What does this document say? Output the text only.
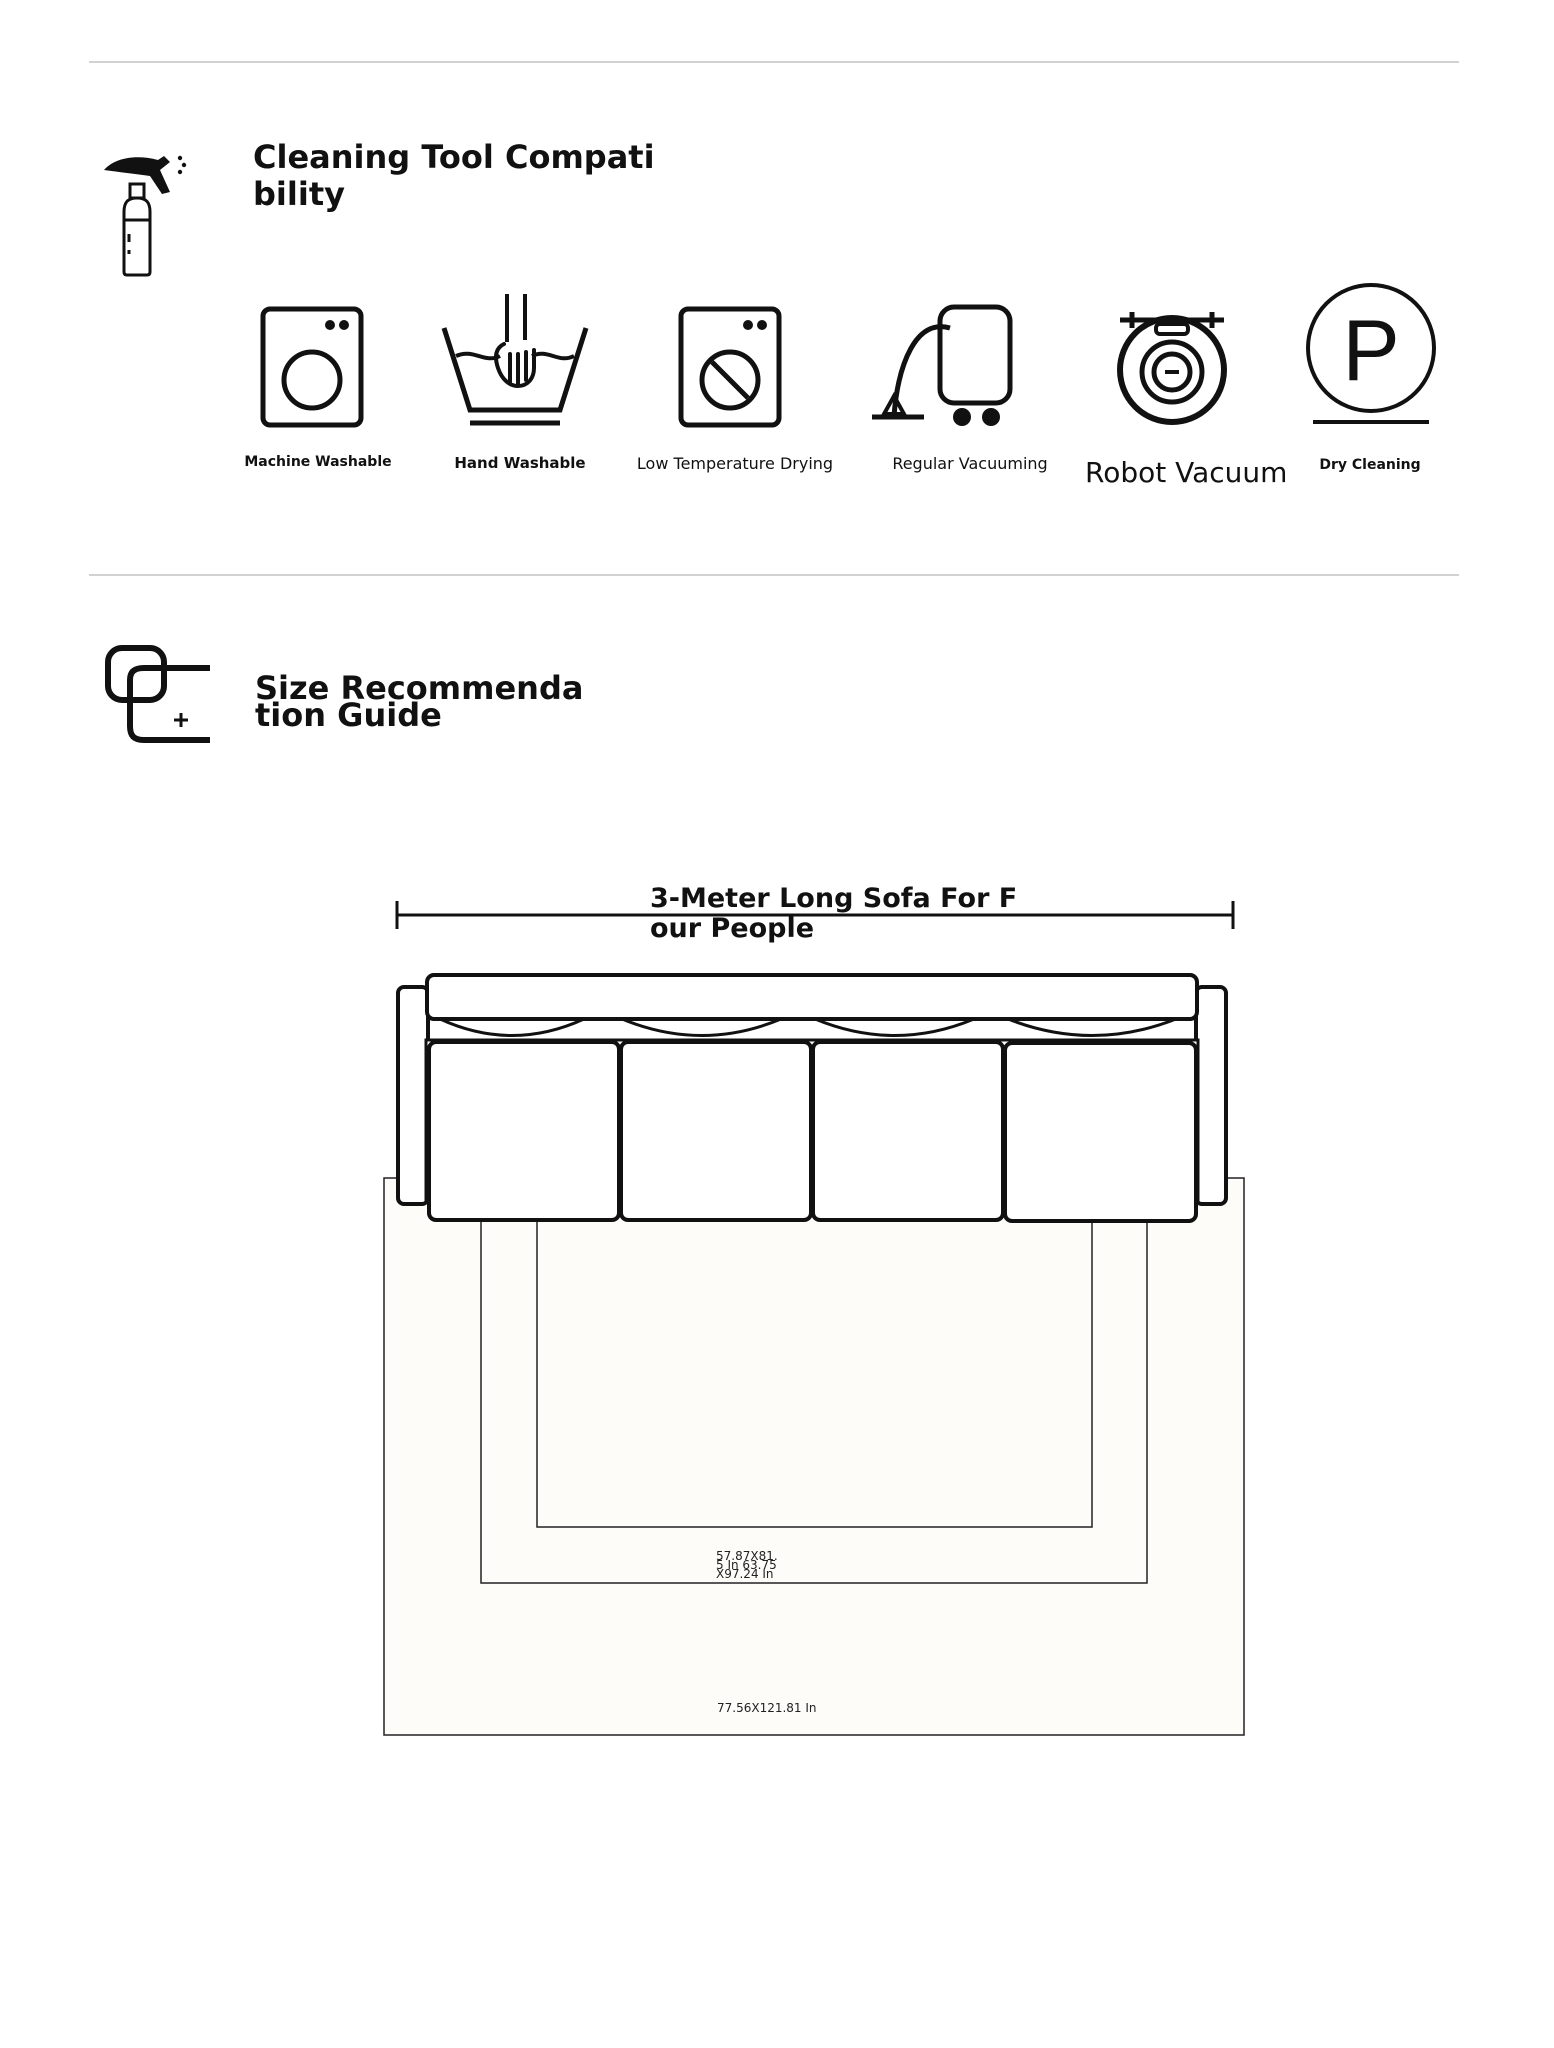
Cleaning Tool Compati
bility
Machine Washable	Hand Washable	Low Temperature Drying	Regular Vacuuming	Robot Vacuum
P
Dry Cleaning
Size Recommenda
tion Guide
3-Meter Long Sofa For F
our People
57.87X81.
5 In 63.75
X97.24 In
77.56X121.81 In
